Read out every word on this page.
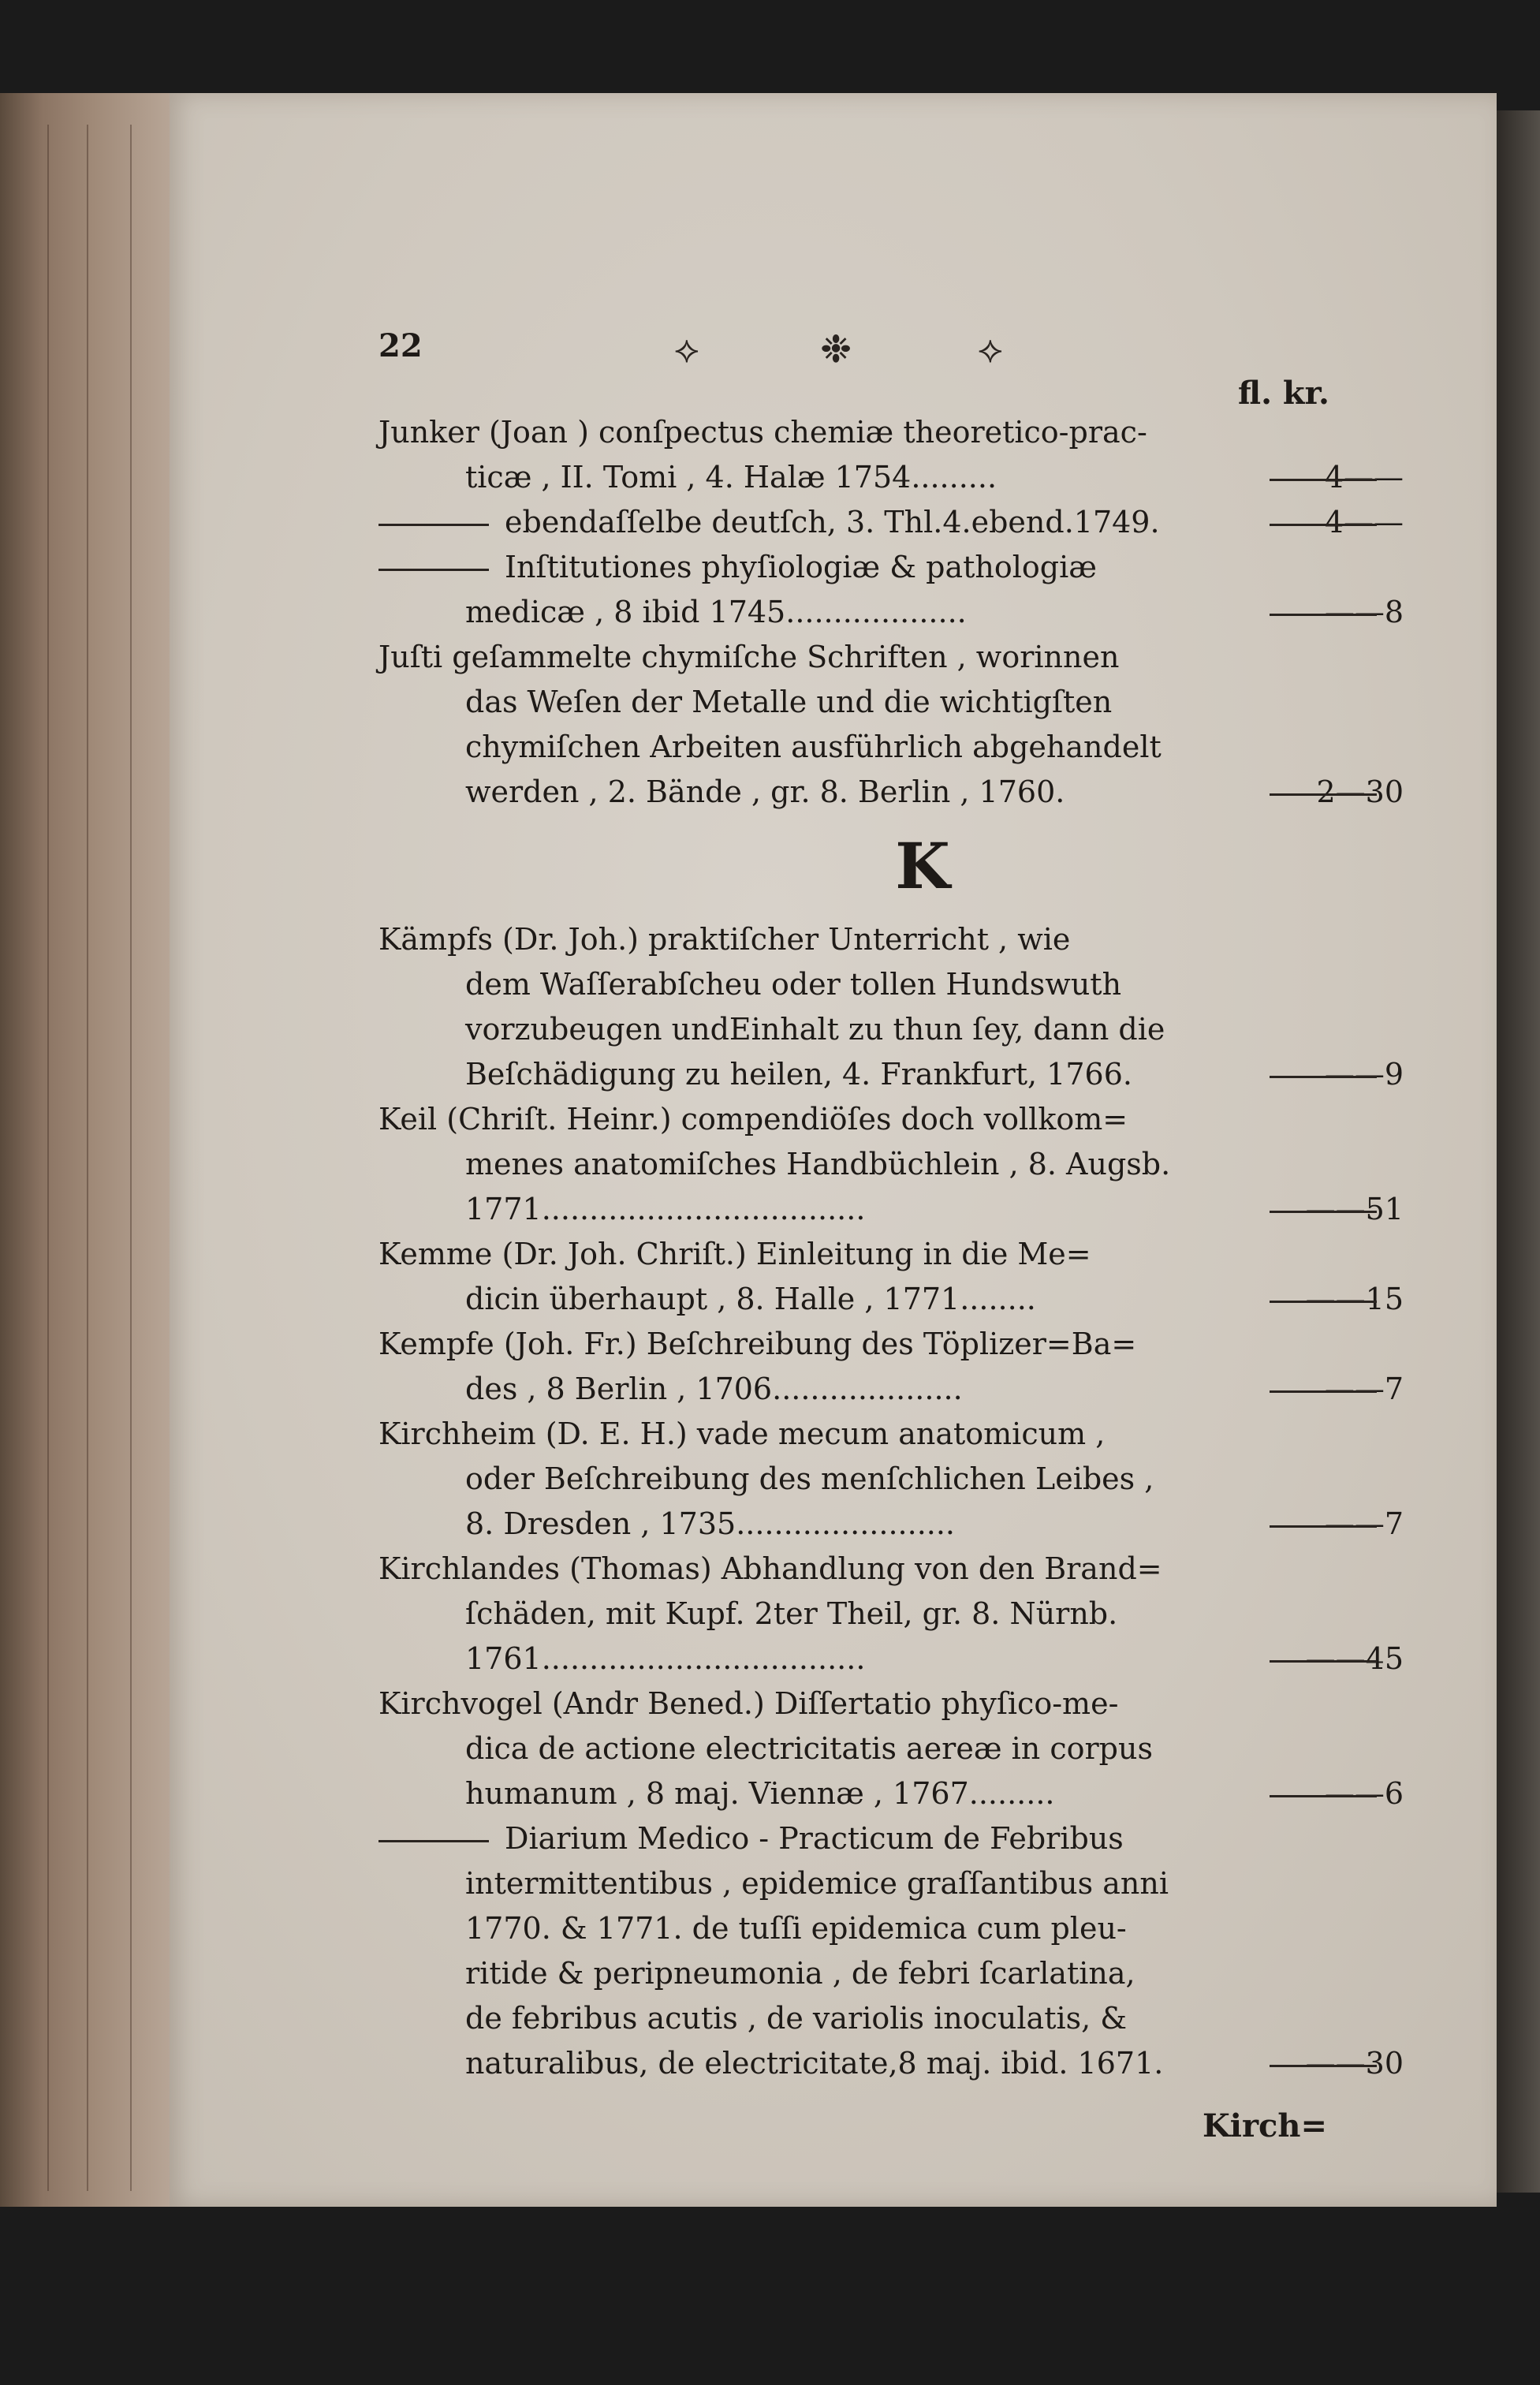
22	⟡	❉	⟡
fl. kr.
Junker (Joan ) conſpectus chemiæ theoretico-prac-
ticæ , II. Tomi , 4. Halæ 1754.........	4——
ebendaſſelbe deutſch, 3. Thl.4.ebend.1749.	4——
Inſtitutiones phyſiologiæ & pathologiæ
medicæ , 8 ibid 1745...................	——8
Juſti geſammelte chymiſche Schriften , worinnen
das Weſen der Metalle und die wichtigſten
chymiſchen Arbeiten ausführlich abgehandelt
werden , 2. Bände , gr. 8. Berlin , 1760.	2—30
K
Kämpfs (Dr. Joh.) praktiſcher Unterricht , wie
dem Waſſerabſcheu oder tollen Hundswuth
vorzubeugen undEinhalt zu thun ſey, dann die
Beſchädigung zu heilen, 4. Frankfurt, 1766.	——9
Keil (Chriſt. Heinr.) compendiöſes doch vollkom=
menes anatomiſches Handbüchlein , 8. Augsb.
1771..................................	——51
Kemme (Dr. Joh. Chriſt.) Einleitung in die Me=
dicin überhaupt , 8. Halle , 1771........	——15
Kempfe (Joh. Fr.) Beſchreibung des Töplizer=Ba=
des , 8 Berlin , 1706....................	——7
Kirchheim (D. E. H.) vade mecum anatomicum ,
oder Beſchreibung des menſchlichen Leibes ,
8. Dresden , 1735.......................	——7
Kirchlandes (Thomas) Abhandlung von den Brand=
ſchäden, mit Kupf. 2ter Theil, gr. 8. Nürnb.
1761..................................	——45
Kirchvogel (Andr Bened.) Diſſertatio phyſico-me-
dica de actione electricitatis aereæ in corpus
humanum , 8 maj. Viennæ , 1767.........	——6
Diarium Medico - Practicum de Febribus
intermittentibus , epidemice graſſantibus anni
1770. & 1771. de tuſſi epidemica cum pleu-
ritide & peripneumonia , de febri ſcarlatina,
de febribus acutis , de variolis inoculatis, &
naturalibus, de electricitate,8 maj. ibid. 1671.	——30
Kirch=
